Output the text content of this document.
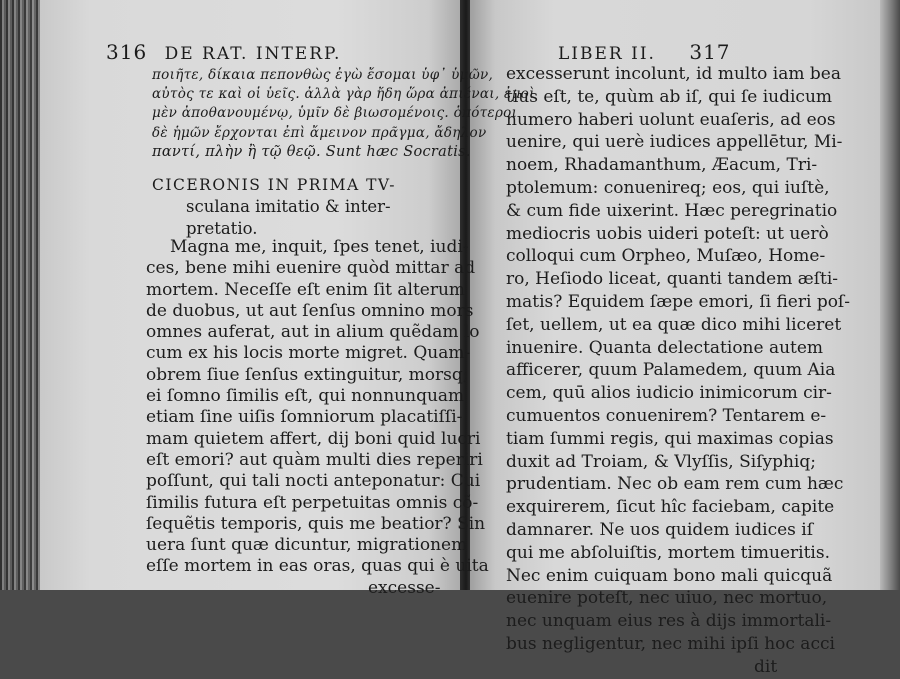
316 DE RAT. INTERP.
ποιῆτε, δίκαια πεπονθὼς ἐγὼ ἔσομαι ὑφ᾽ ὑμῶν,
αὐτὸς τε καὶ οἱ ὑεῖς. ἀλλὰ γὰρ ἤδη ὥρα ἀπιέναι, ἐμοὶ
μὲν ἀποθανουμένῳ, ὑμῖν δὲ βιωσομένοις. ὁπότεροι
δὲ ἡμῶν ἔρχονται ἐπὶ ἄμεινον πρᾶγμα, ἄδηλον
παντί, πλὴν ἢ τῷ θεῷ. Sunt hæc Socratis.
CICERONIS IN PRIMA TV-
sculana imitatio & inter-
pretatio.
Magna me, inquit, ſpes tenet, iudi-
ces, bene mihi euenire quòd mittar ad
mortem. Neceſſe eſt enim ſit alterum
de duobus, ut aut ſenſus omnino mors
omnes auferat, aut in alium quẽdam lo
cum ex his locis morte migret. Quam-
obrem ſiue ſenſus extinguitur, morsq;
ei ſomno ſimilis eſt, qui nonnunquam
etiam ſine uiſis ſomniorum placatiſſi-
mam quietem affert, dij boni quid lucri
eſt emori? aut quàm multi dies reperiri
poſſunt, qui tali nocti anteponatur: Cui
ſimilis futura eſt perpetuitas omnis cõ-
ſequẽtis temporis, quis me beatior? Sin
uera ſunt quæ dicuntur, migrationem
eſſe mortem in eas oras, quas qui è uita
excesse-
LIBER II. 317
excesserunt incolunt, id multo iam bea
tius eſt, te, quùm ab iſ, qui ſe iudicum
numero haberi uolunt euaſeris, ad eos
uenire, qui uerè iudices appellētur, Mi-
noem, Rhadamanthum, Æacum, Tri-
ptolemum: conuenireq; eos, qui iuſtè,
& cum fide uixerint. Hæc peregrinatio
mediocris uobis uideri poteſt: ut uerò
colloqui cum Orpheo, Muſæo, Home-
ro, Heſiodo liceat, quanti tandem æſti-
matis? Equidem ſæpe emori, ſi fieri poſ-
ſet, uellem, ut ea quæ dico mihi liceret
inuenire. Quanta delectatione autem
afficerer, quum Palamedem, quum Aia
cem, quū alios iudicio inimicorum cir-
cumuentos conuenirem? Tentarem e-
tiam ſummi regis, qui maximas copias
duxit ad Troiam, & Vlyſſis, Siſyphiq;
prudentiam. Nec ob eam rem cum hæc
exquirerem, ſicut hîc faciebam, capite
damnarer. Ne uos quidem iudices iſ
qui me abſoluiſtis, mortem timueritis.
Nec enim cuiquam bono mali quicquã
euenire poteſt, nec uiuo, nec mortuo,
nec unquam eius res à dijs immortali-
bus negligentur, nec mihi ipſi hoc acci
dit
